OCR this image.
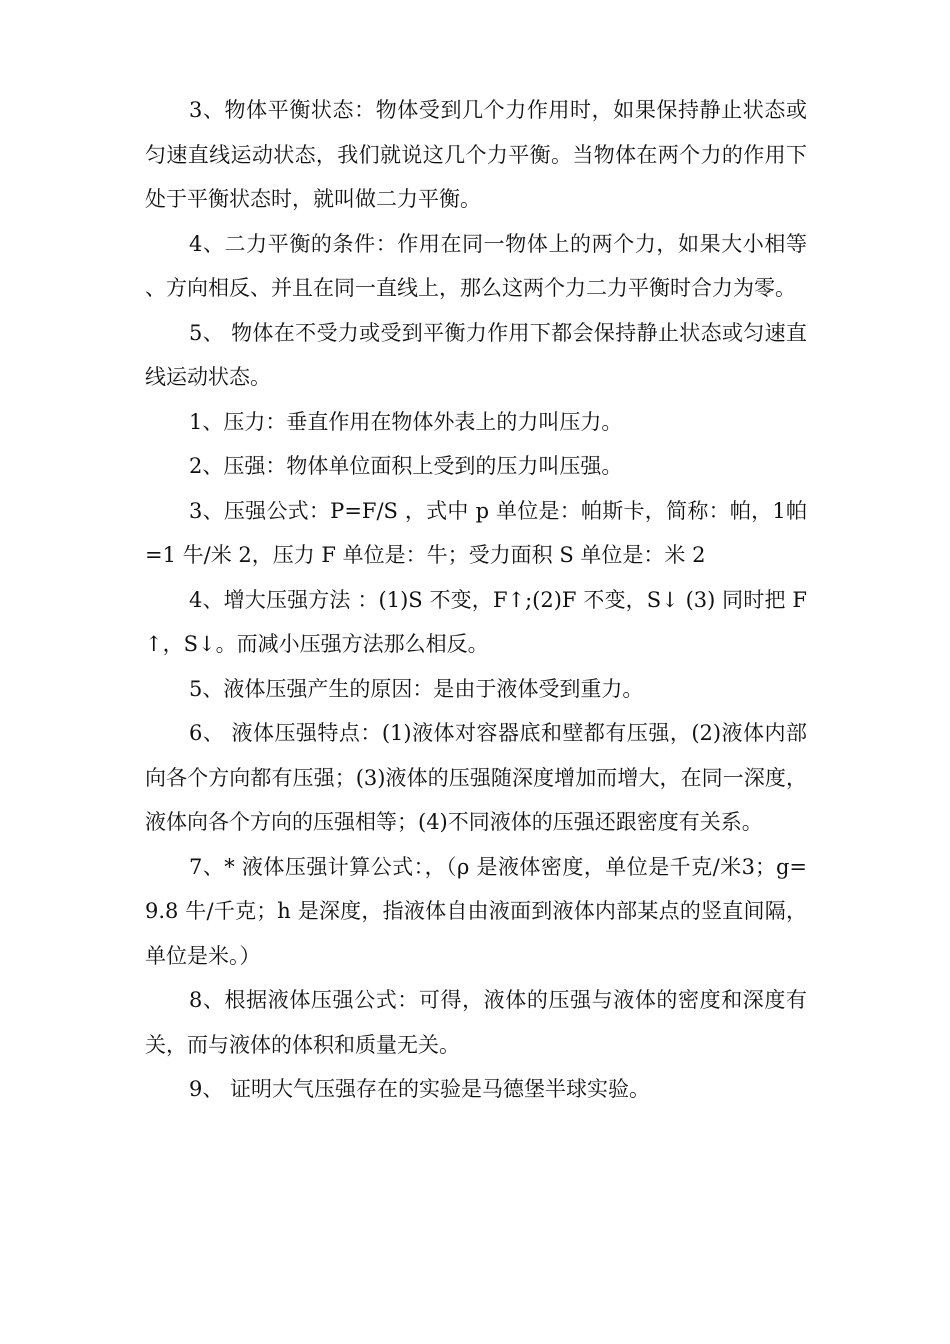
3、物体平衡状态：物体受到几个力作用时，如果保持静止状态或匀速直线运动状态，我们就说这几个力平衡。当物体在两个力的作用下处于平衡状态时，就叫做二力平衡。

4、二力平衡的条件：作用在同一物体上的两个力，如果大小相等、方向相反、并且在同一直线上，那么这两个力二力平衡时合力为零。

5、 物体在不受力或受到平衡力作用下都会保持静止状态或匀速直线运动状态。

1、压力：垂直作用在物体外表上的力叫压力。

2、压强：物体单位面积上受到的压力叫压强。

3、压强公式：P=F/S ，式中 p 单位是：帕斯卡，简称：帕，1帕=1 牛/米 2，压力 F 单位是：牛；受力面积 S 单位是：米 2

4、增大压强方法 ：(1)S 不变，F↑;(2)F 不变，S↓ (3) 同时把 F↑，S↓。而减小压强方法那么相反。

5、液体压强产生的原因：是由于液体受到重力。

6、 液体压强特点：(1)液体对容器底和壁都有压强，(2)液体内部向各个方向都有压强；(3)液体的压强随深度增加而增大，在同一深度，液体向各个方向的压强相等；(4)不同液体的压强还跟密度有关系。

7、* 液体压强计算公式：，（ρ 是液体密度，单位是千克/米3；g=9.8 牛/千克；h 是深度，指液体自由液面到液体内部某点的竖直间隔，单位是米。）

8、根据液体压强公式：可得，液体的压强与液体的密度和深度有关，而与液体的体积和质量无关。

9、 证明大气压强存在的实验是马德堡半球实验。
